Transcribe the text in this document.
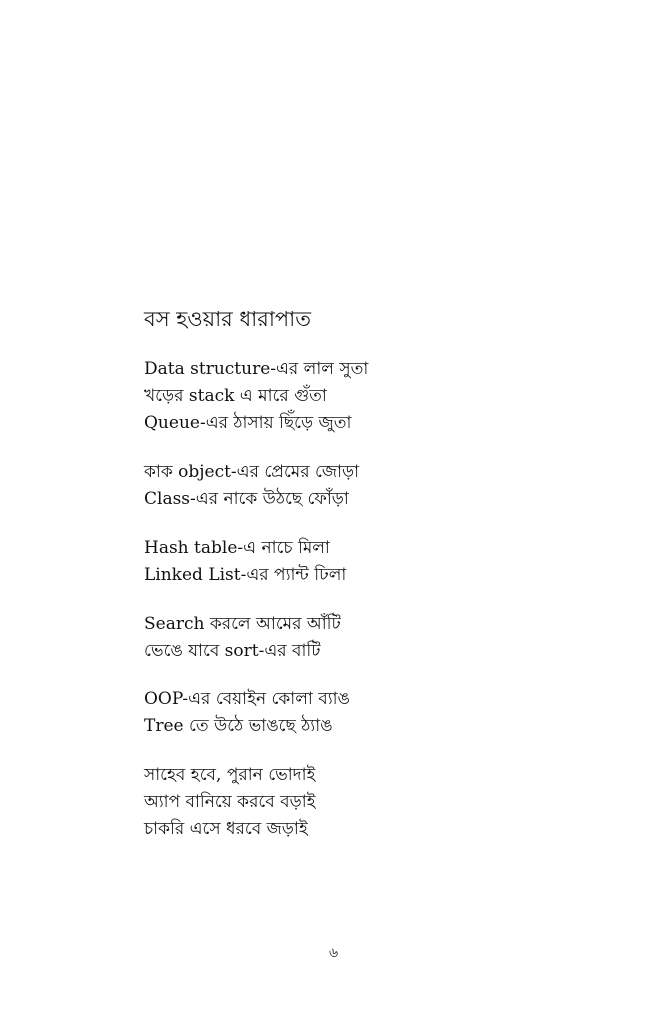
বস হওয়ার ধারাপাত
Data structure-এর লাল সুতা
খড়ের stack এ মারে গুঁতা
Queue-এর ঠাসায় ছিঁড়ে জুতা
কাক object-এর প্রেমের জোড়া
Class-এর নাকে উঠছে ফোঁড়া
Hash table-এ নাচে মিলা
Linked List-এর প্যান্ট ঢিলা
Search করলে আমের আঁটি
ভেঙে যাবে sort-এর বাটি
OOP-এর বেয়াইন কোলা ব্যাঙ
Tree তে উঠে ভাঙছে ঠ্যাঙ
সাহেব হবে, পুরান ভোদাই
অ্যাপ বানিয়ে করবে বড়াই
চাকরি এসে ধরবে জড়াই
৬
